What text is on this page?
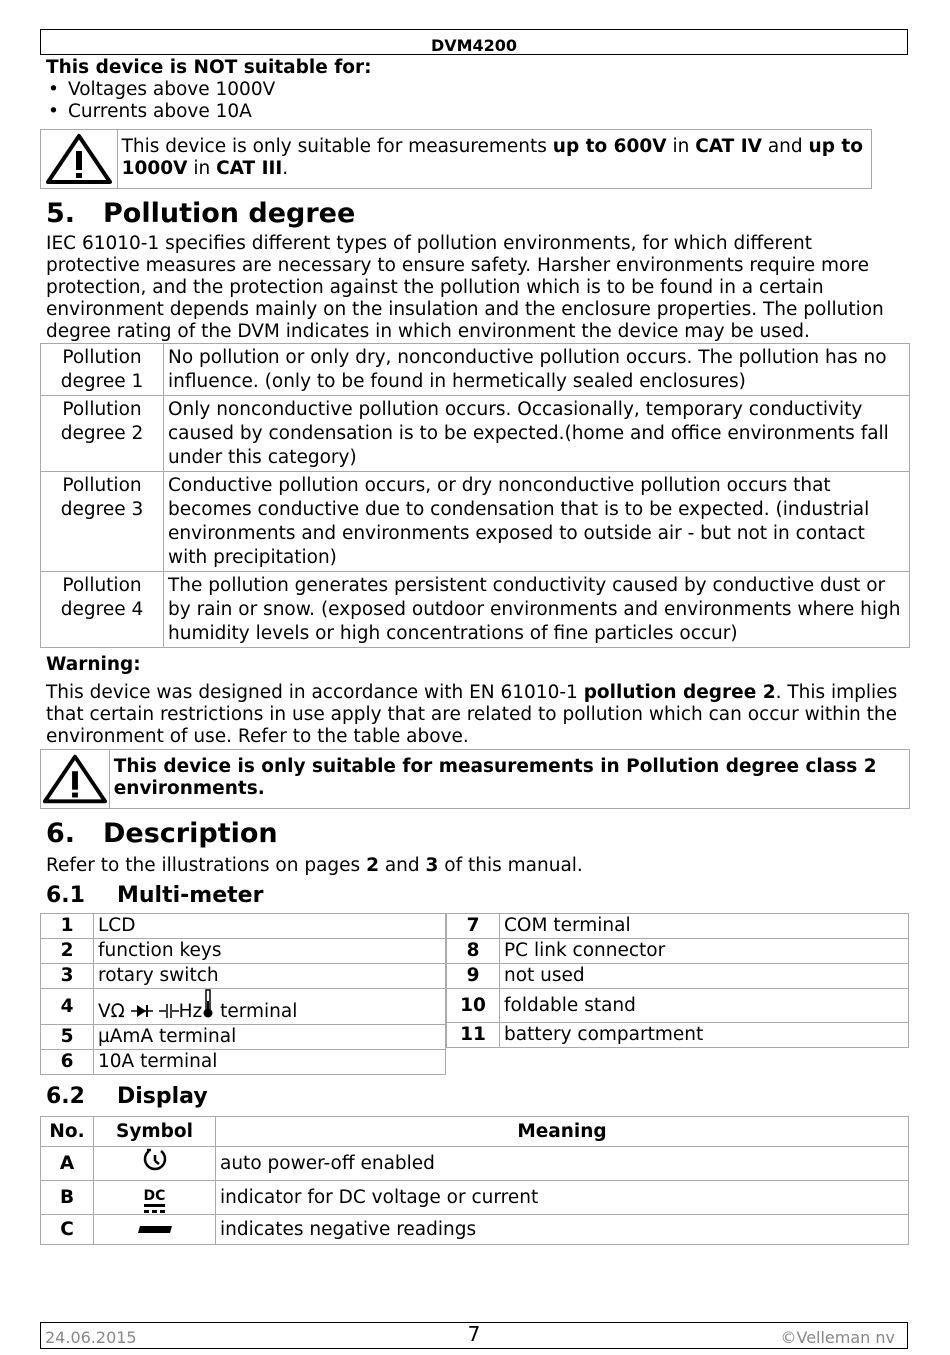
DVM4200
This device is NOT suitable for:
• Voltages above 1000V
• Currents above 10A
This device is only suitable for measurements up to 600V in CAT IV and up to 1000V in CAT III.
5. Pollution degree

IEC 61010-1 specifies different types of pollution environments, for which different protective measures are necessary to ensure safety. Harsher environments require more protection, and the protection against the pollution which is to be found in a certain environment depends mainly on the insulation and the enclosure properties. The pollution degree rating of the DVM indicates in which environment the device may be used.

Pollution degree 1	No pollution or only dry, nonconductive pollution occurs. The pollution has no influence. (only to be found in hermetically sealed enclosures)
Pollution degree 2	Only nonconductive pollution occurs. Occasionally, temporary conductivity caused by condensation is to be expected.(home and office environments fall under this category)
Pollution degree 3	Conductive pollution occurs, or dry nonconductive pollution occurs that becomes conductive due to condensation that is to be expected. (industrial environments and environments exposed to outside air - but not in contact with precipitation)
Pollution degree 4	The pollution generates persistent conductivity caused by conductive dust or by rain or snow. (exposed outdoor environments and environments where high humidity levels or high concentrations of fine particles occur)
Warning:

This device was designed in accordance with EN 61010-1 pollution degree 2. This implies that certain restrictions in use apply that are related to pollution which can occur within the environment of use. Refer to the table above.

This device is only suitable for measurements in Pollution degree class 2 environments.
6. Description

Refer to the illustrations on pages 2 and 3 of this manual.

6.1 Multi-meter
1	LCD
2	function keys
3	rotary switch
4	VΩ Hz terminal
5	µAmA terminal
6	10A terminal
7	COM terminal
8	PC link connector
9	not used
10	foldable stand
11	battery compartment
6.2 Display
No.	Symbol	Meaning
A		auto power-off enabled
B	DC	indicator for DC voltage or current
C		indicates negative readings
24.06.2015	7	©Velleman nv
